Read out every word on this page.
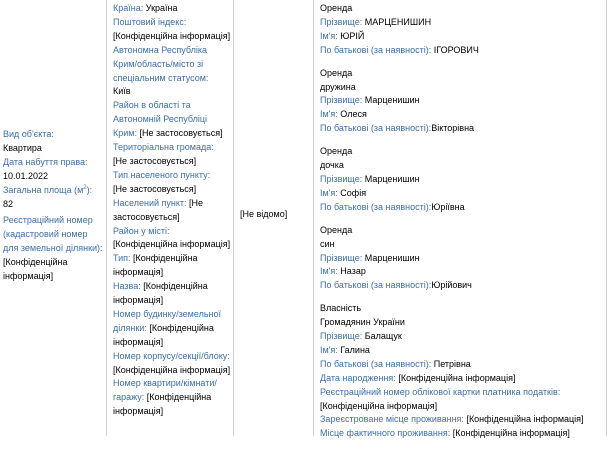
Вид об'єкта:
Квартира
Дата набуття права:
10.01.2022
Загальна площа $(м^2)$: 82
Реєстраційний номер (кадастровий номер для земельної ділянки):
[Конфіденційна інформація]
Країна: Україна
Поштовий індекс:
[Конфіденційна інформація]
Автономна Республіка Крим/область/місто зі спеціальним статусом:
Київ
Район в області та Автономній Республіці Крим: [Не застосовується]
Територіальна громада:
[Не застосовується]
Тип населеного пункту:
[Не застосовується]
Населений пункт: [Не застосовується]
Район у місті:
[Конфіденційна інформація]
Тип: [Конфіденційна інформація]
Назва: [Конфіденційна інформація]
Номер будинку/земельної ділянки: [Конфіденційна інформація]
Номер корпусу/секції/блоку: [Конфіденційна інформація]
Номер квартири/кімнати/гаражу: [Конфіденційна інформація]
[Не відомо]
Оренда
Прізвище: МАРЦЕНИШИН
Ім'я: ЮРІЙ
По батькові (за наявності): ІГОРОВИЧ
Оренда
дружина
Прізвище: Марценишин
Ім'я: Олеся
По батькові (за наявності):Вікторівна
Оренда
дочка
Прізвище: Марценишин
Ім'я: Софія
По батькові (за наявності):Юріївна
Оренда
син
Прізвище: Марценишин
Ім'я: Назар
По батькові (за наявності):Юрійович
Власність
Громадянин України
Прізвище: Балащук
Ім'я: Галина
По батькові (за наявності): Петрівна
Дата народження: [Конфіденційна інформація]
Реєстраційний номер облікової картки платника податків:
[Конфіденційна інформація]
Зареєстроване місце проживання: [Конфіденційна інформація]
Місце фактичного проживання: [Конфіденційна інформація]
